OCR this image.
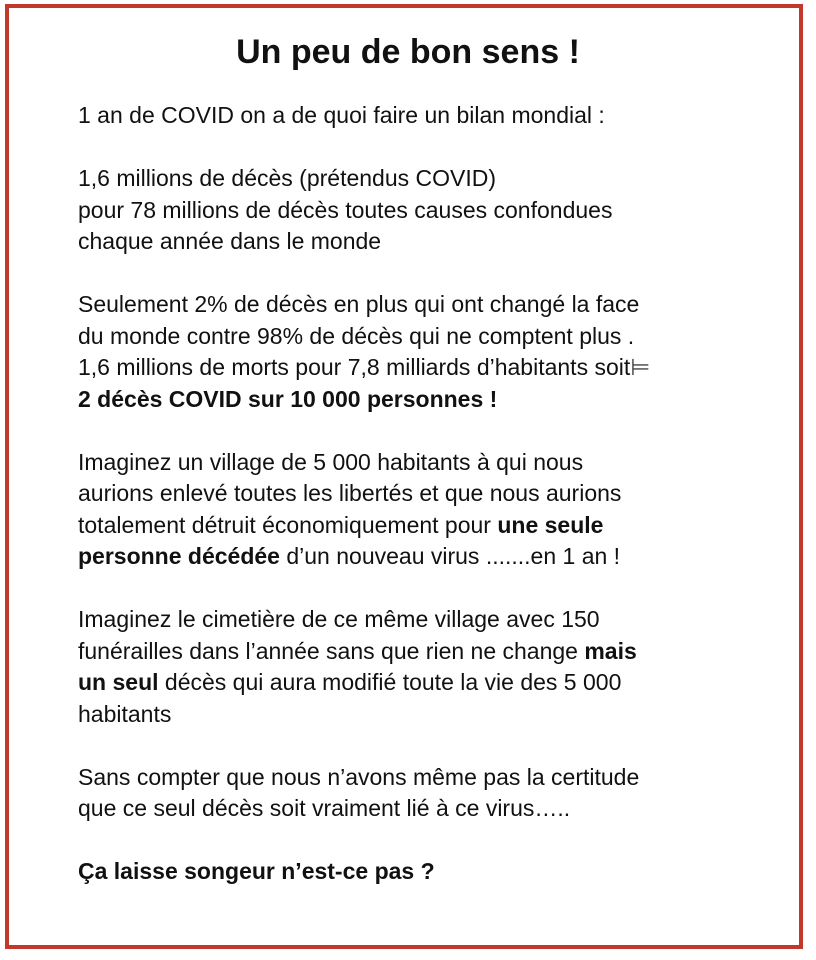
Un peu de bon sens !

1 an de COVID on a de quoi faire un bilan mondial :

1,6 millions de décès (prétendus COVID)
pour 78 millions de décès toutes causes confondues
chaque année dans le monde

Seulement 2% de décès en plus qui ont changé la face
du monde contre 98% de décès qui ne comptent plus .
1,6 millions de morts pour 7,8 milliards d’habitants soit⊨
2 décès COVID sur 10 000 personnes !

Imaginez un village de 5 000 habitants à qui nous
aurions enlevé toutes les libertés et que nous aurions
totalement détruit économiquement pour une seule
personne décédée d’un nouveau virus .......en 1 an !

Imaginez le cimetière de ce même village avec 150
funérailles dans l’année sans que rien ne change mais
un seul décès qui aura modifié toute la vie des 5 000
habitants

Sans compter que nous n’avons même pas la certitude
que ce seul décès soit vraiment lié à ce virus…..

Ça laisse songeur n’est-ce pas ?
